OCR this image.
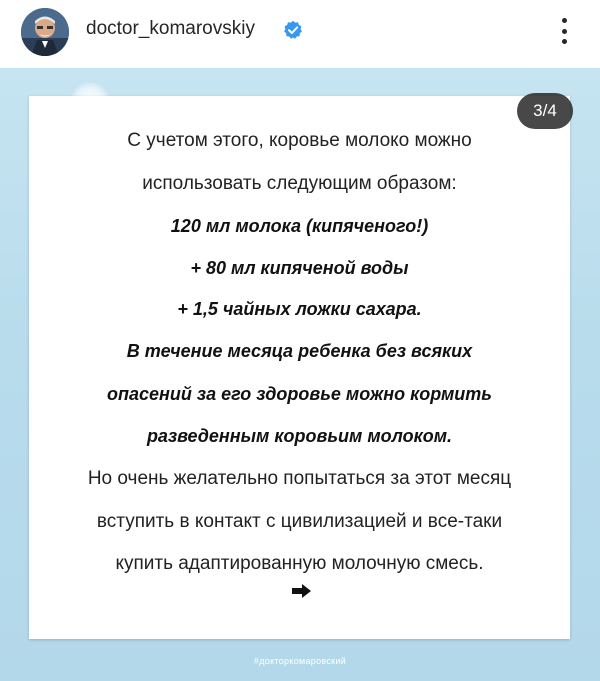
doctor_komarovskiy
#докторкомаровский
3/4
С учетом этого, коровье молоко можно
использовать следующим образом:
120 мл молока (кипяченого!)
+ 80 мл кипяченой воды
+ 1,5 чайных ложки сахара.
В течение месяца ребенка без всяких
опасений за его здоровье можно кормить
разведенным коровьим молоком.
Но очень желательно попытаться за этот месяц
вступить в контакт с цивилизацией и все-таки
купить адаптированную молочную смесь.
